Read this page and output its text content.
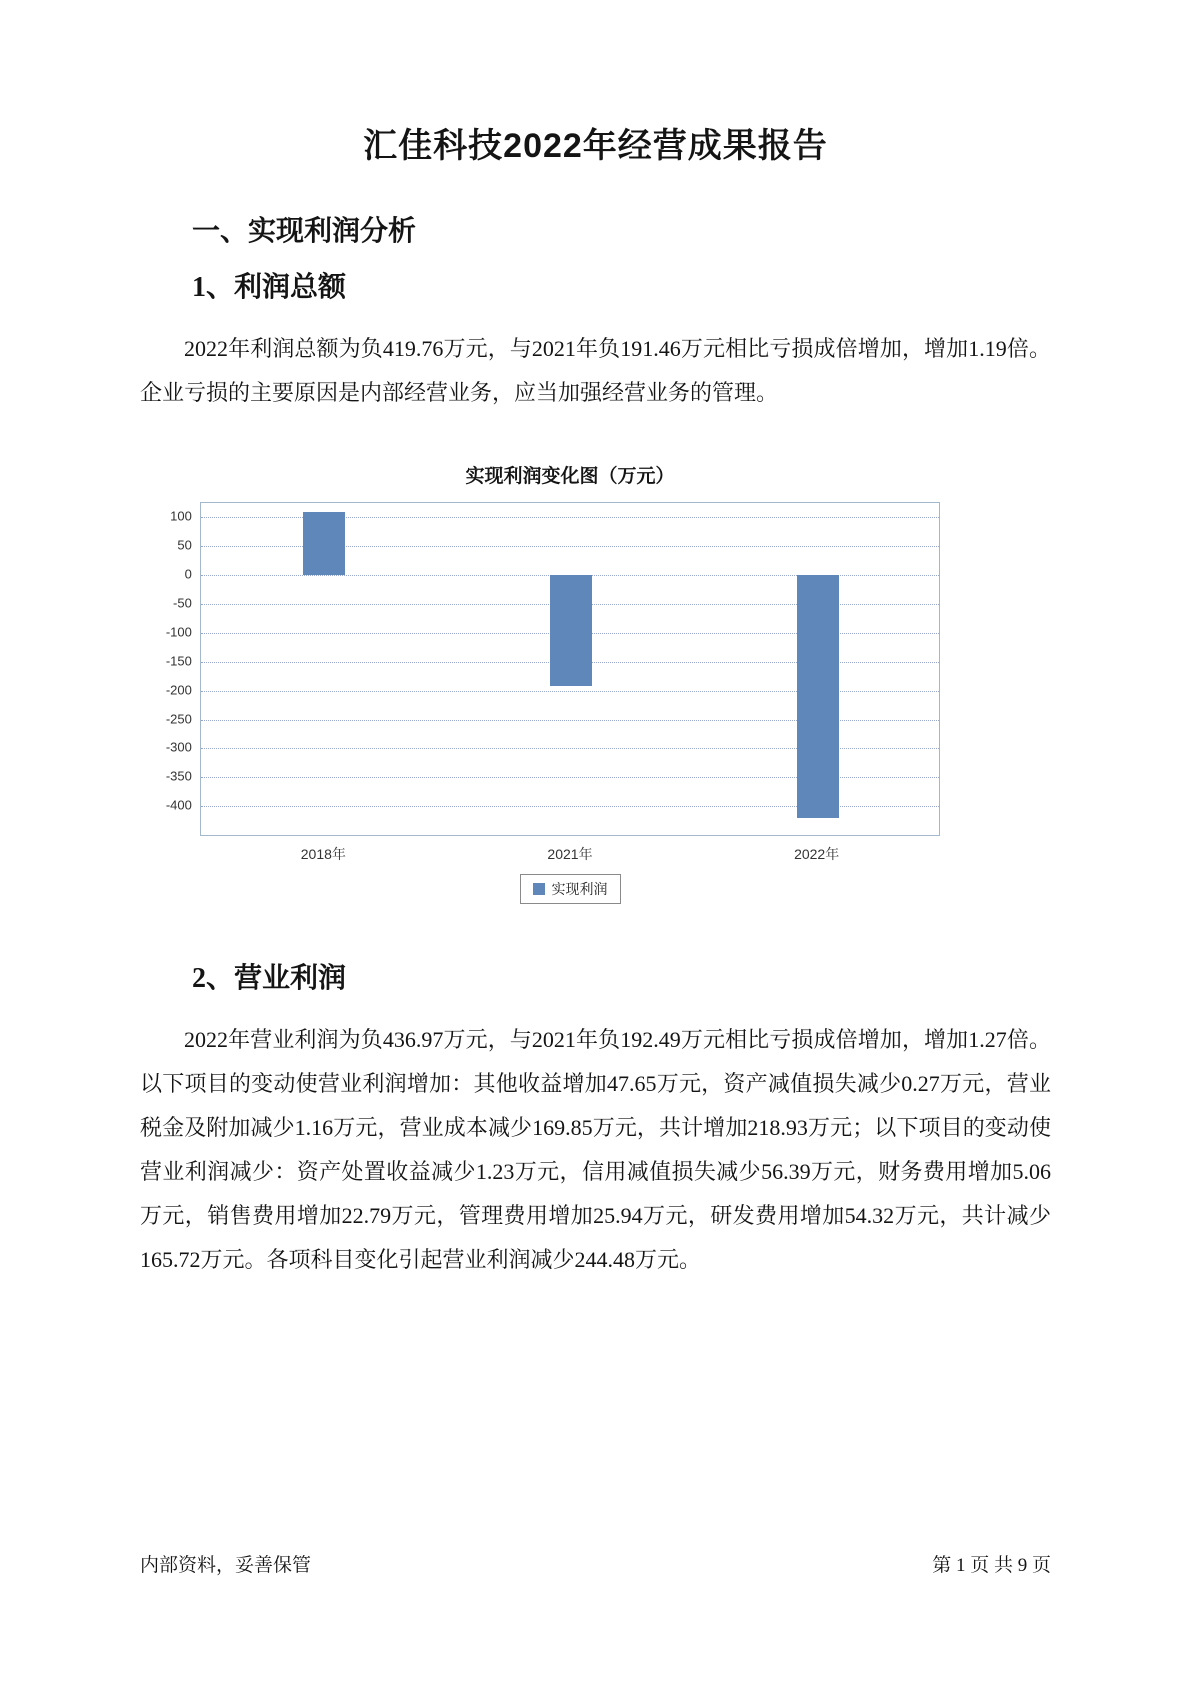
汇佳科技2022年经营成果报告
一、实现利润分析
1、利润总额

2022年利润总额为负419.76万元，与2021年负191.46万元相比亏损成倍增加，增加1.19倍。企业亏损的主要原因是内部经营业务，应当加强经营业务的管理。

实现利润变化图（万元）
100
50
0
-50
-100
-150
-200
-250
-300
-350
-400
2018年	2021年	2022年
实现利润
2、营业利润

2022年营业利润为负436.97万元，与2021年负192.49万元相比亏损成倍增加，增加1.27倍。以下项目的变动使营业利润增加：其他收益增加47.65万元，资产减值损失减少0.27万元，营业税金及附加减少1.16万元，营业成本减少169.85万元，共计增加218.93万元；以下项目的变动使营业利润减少：资产处置收益减少1.23万元，信用减值损失减少56.39万元，财务费用增加5.06万元，销售费用增加22.79万元，管理费用增加25.94万元，研发费用增加54.32万元，共计减少165.72万元。各项科目变化引起营业利润减少244.48万元。

内部资料，妥善保管	第 1 页 共 9 页
